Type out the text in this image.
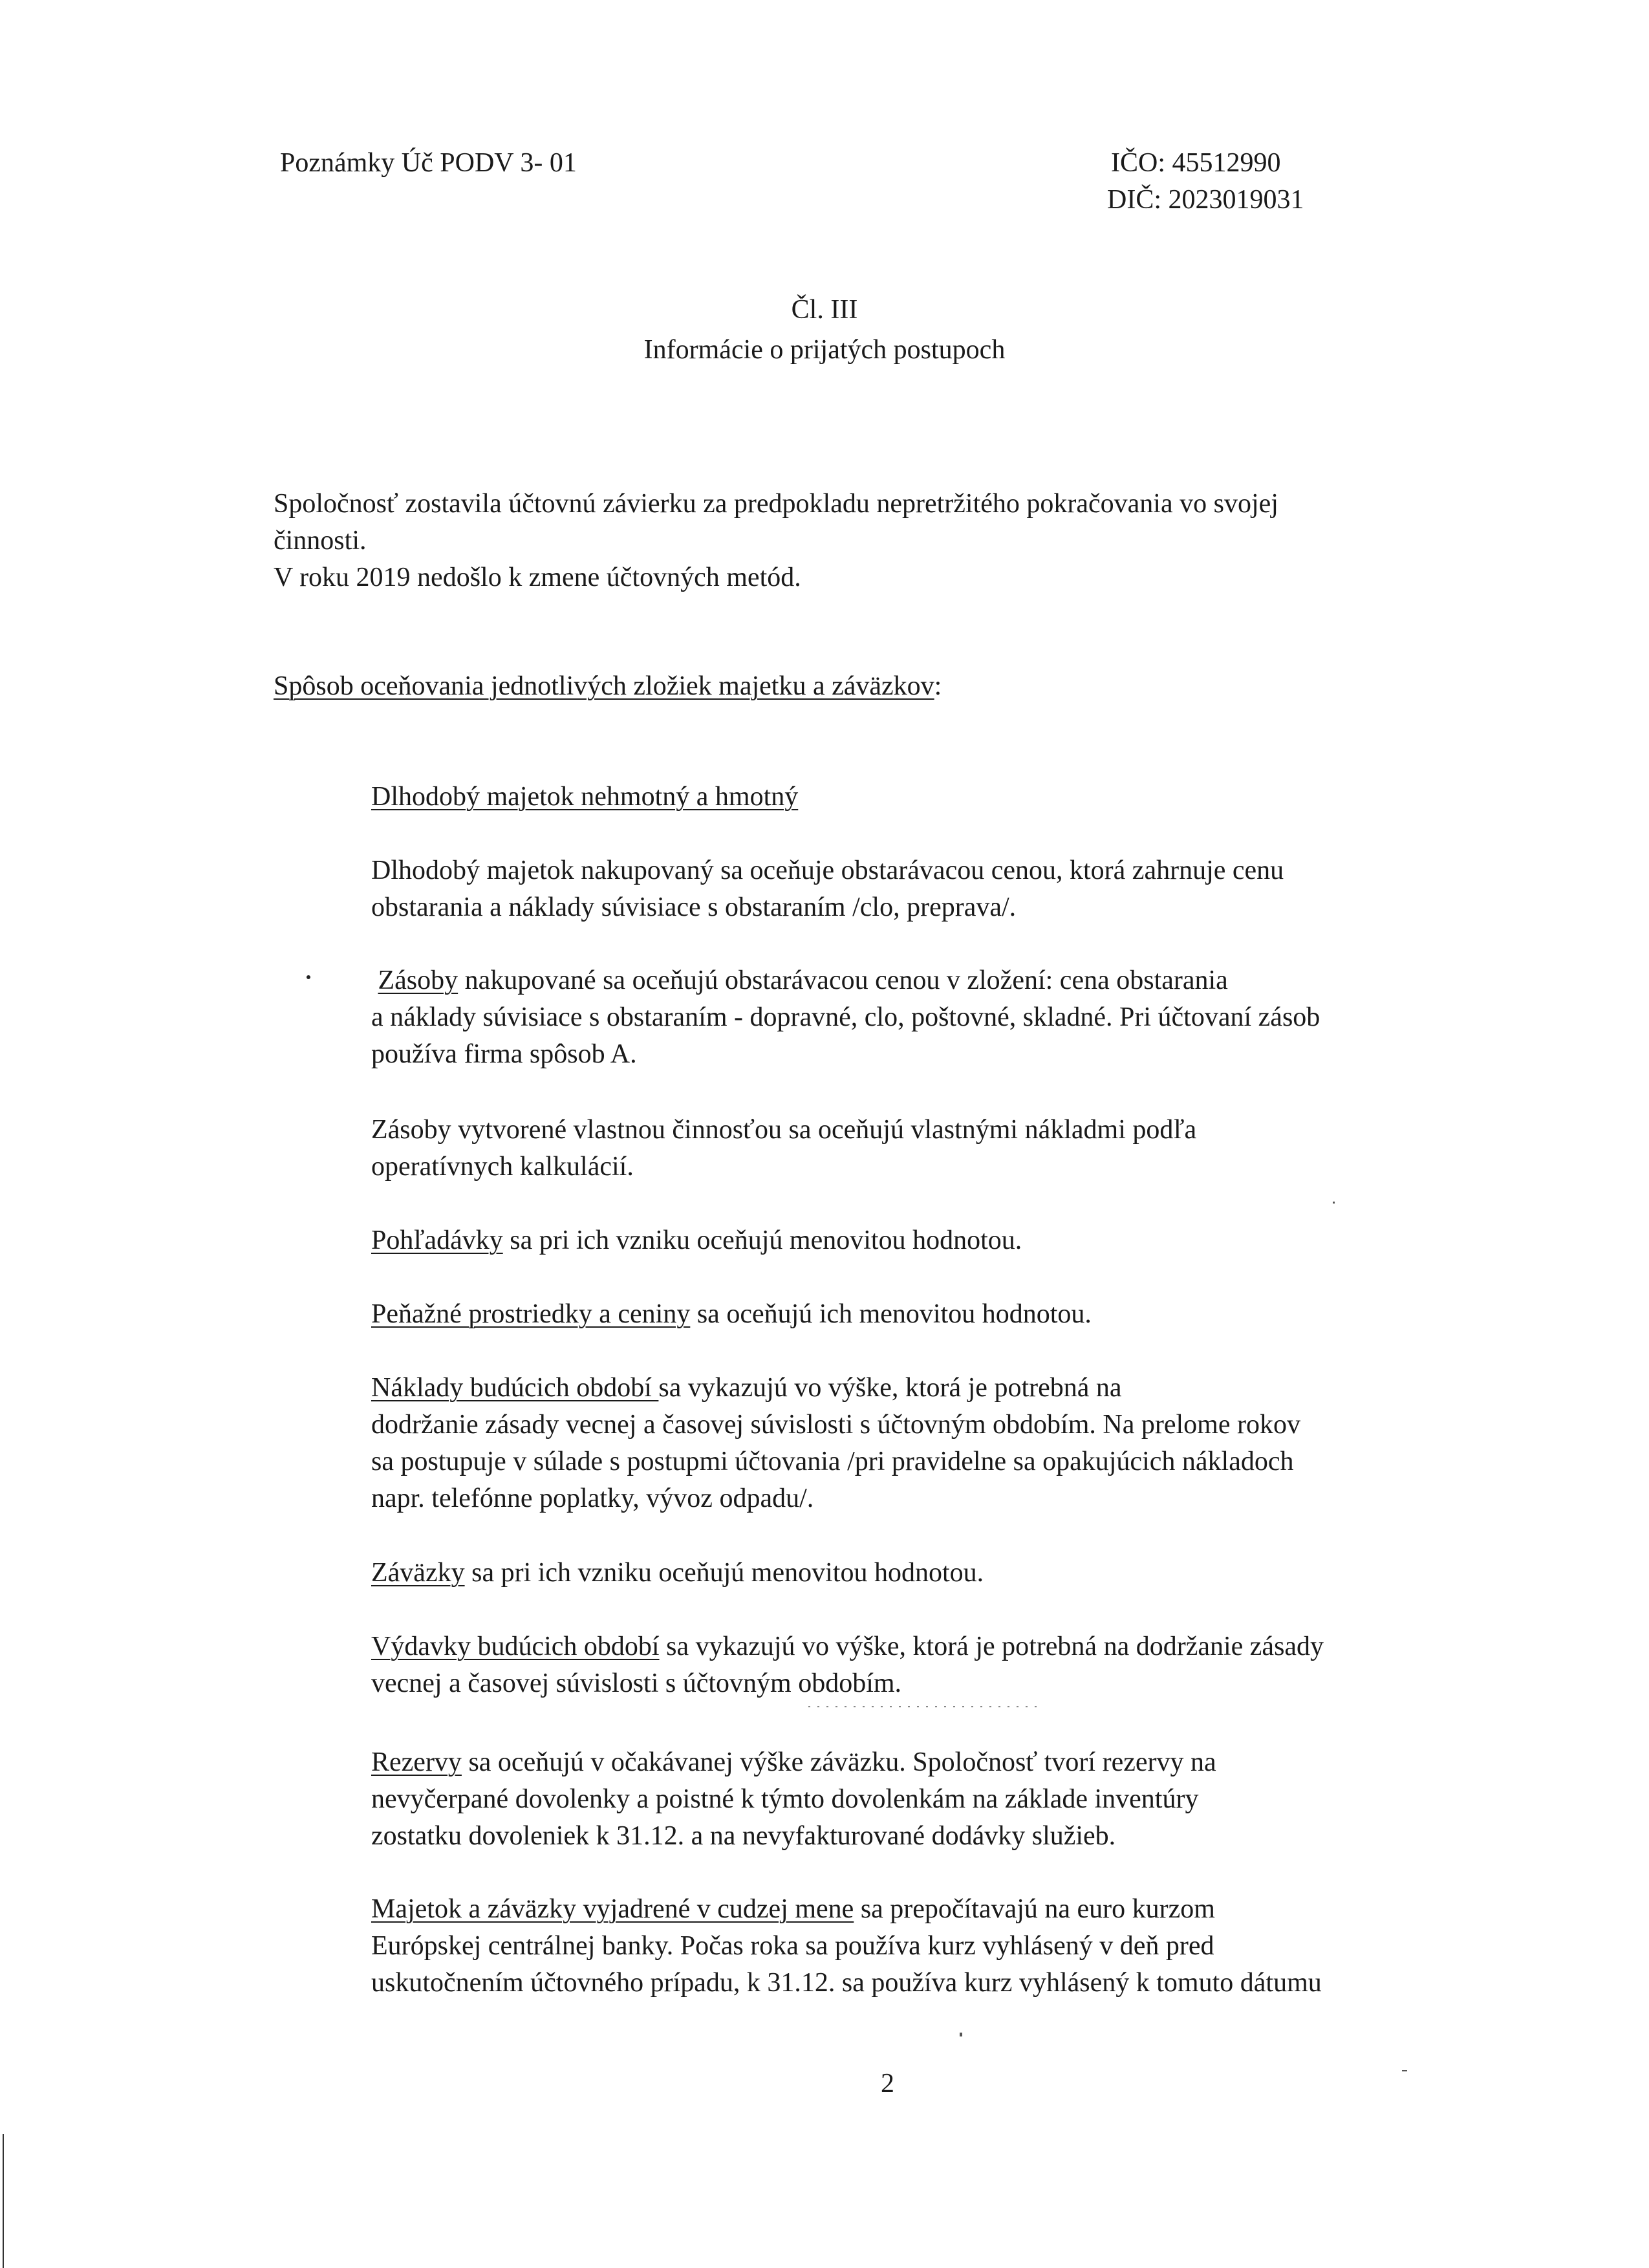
Poznámky Úč PODV 3- 01	IČO: 45512990
DIČ: 2023019031
Čl. III
Informácie o prijatých postupoch
Spoločnosť zostavila účtovnú závierku za predpokladu nepretržitého pokračovania vo svojej
činnosti.
V roku 2019 nedošlo k zmene účtovných metód.
Spôsob oceňovania jednotlivých zložiek majetku a záväzkov:
Dlhodobý majetok nehmotný a hmotný
Dlhodobý majetok nakupovaný sa oceňuje obstarávacou cenou, ktorá zahrnuje cenu
obstarania a náklady súvisiace s obstaraním /clo, preprava/.
Zásoby nakupované sa oceňujú obstarávacou cenou v zložení: cena obstarania
a náklady súvisiace s obstaraním - dopravné, clo, poštovné, skladné. Pri účtovaní zásob
používa firma spôsob A.
Zásoby vytvorené vlastnou činnosťou sa oceňujú vlastnými nákladmi podľa
operatívnych kalkulácií.
Pohľadávky sa pri ich vzniku oceňujú menovitou hodnotou.
Peňažné prostriedky a ceniny sa oceňujú ich menovitou hodnotou.
Náklady budúcich období sa vykazujú vo výške, ktorá je potrebná na
dodržanie zásady vecnej a časovej súvislosti s účtovným obdobím. Na prelome rokov
sa postupuje v súlade s postupmi účtovania /pri pravidelne sa opakujúcich nákladoch
napr. telefónne poplatky, vývoz odpadu/.
Záväzky sa pri ich vzniku oceňujú menovitou hodnotou.
Výdavky budúcich období sa vykazujú vo výške, ktorá je potrebná na dodržanie zásady
vecnej a časovej súvislosti s účtovným obdobím.
Rezervy sa oceňujú v očakávanej výške záväzku. Spoločnosť tvorí rezervy na
nevyčerpané dovolenky a poistné k týmto dovolenkám na základe inventúry
zostatku dovoleniek k 31.12. a na nevyfakturované dodávky služieb.
Majetok a záväzky vyjadrené v cudzej mene sa prepočítavajú na euro kurzom
Európskej centrálnej banky. Počas roka sa používa kurz vyhlásený v deň pred
uskutočnením účtovného prípadu, k 31.12. sa používa kurz vyhlásený k tomuto dátumu
2
